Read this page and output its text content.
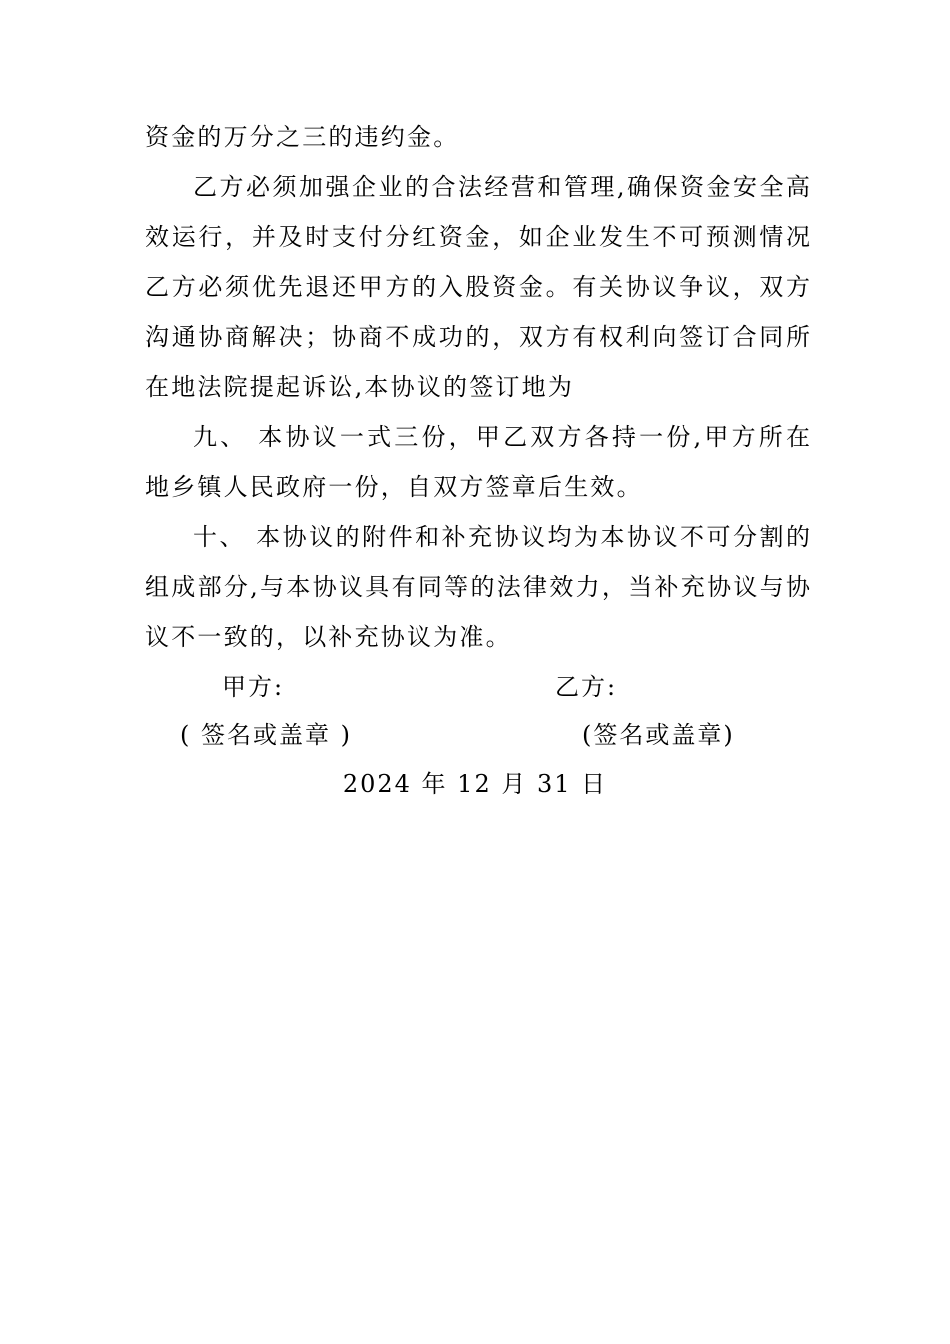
资金的万分之三的违约金。
乙方必须加强企业的合法经营和管理,确保资金安全高
效运行，并及时支付分红资金，如企业发生不可预测情况
乙方必须优先退还甲方的入股资金。有关协议争议，双方
沟通协商解决；协商不成功的，双方有权利向签订合同所
在地法院提起诉讼,本协议的签订地为
九、 本协议一式三份，甲乙双方各持一份,甲方所在
地乡镇人民政府一份，自双方签章后生效。
十、 本协议的附件和补充协议均为本协议不可分割的
组成部分,与本协议具有同等的法律效力，当补充协议与协
议不一致的，以补充协议为准。
甲方:	乙方:
( 签名或盖章 )	(签名或盖章)
2024 年 12 月 31 日
